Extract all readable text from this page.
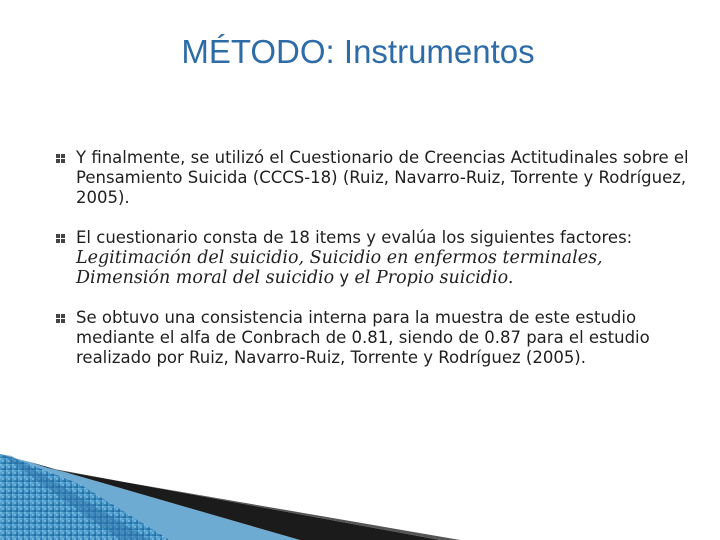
MÉTODO: Instrumentos
Y finalmente, se utilizó el Cuestionario de Creencias Actitudinales sobre el Pensamiento Suicida (CCCS-18) (Ruiz, Navarro-Ruiz, Torrente y Rodríguez, 2005).
El cuestionario consta de 18 items y evalúa los siguientes factores: Legitimación del suicidio, Suicidio en enfermos terminales, Dimensión moral del suicidio y el Propio suicidio.
Se obtuvo una consistencia interna para la muestra de este estudio mediante el alfa de Conbrach de 0.81, siendo de 0.87 para el estudio realizado por Ruiz, Navarro-Ruiz, Torrente y Rodríguez (2005).
